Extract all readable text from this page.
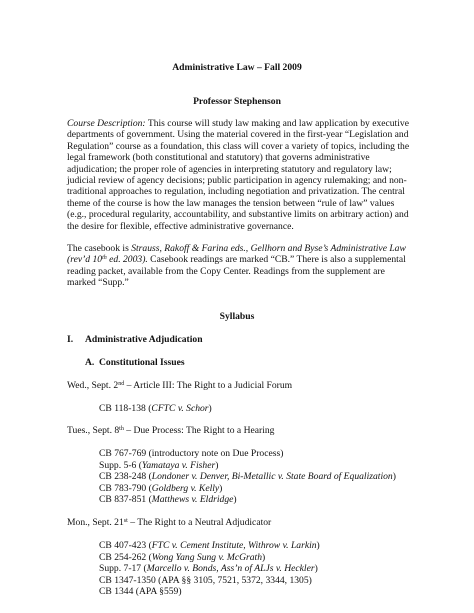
Administrative Law – Fall 2009
Professor Stephenson
Course Description: This course will study law making and law application by executive
departments of government. Using the material covered in the first-year “Legislation and
Regulation” course as a foundation, this class will cover a variety of topics, including the
legal framework (both constitutional and statutory) that governs administrative
adjudication; the proper role of agencies in interpreting statutory and regulatory law;
judicial review of agency decisions; public participation in agency rulemaking; and non-
traditional approaches to regulation, including negotiation and privatization. The central
theme of the course is how the law manages the tension between “rule of law” values
(e.g., procedural regularity, accountability, and substantive limits on arbitrary action) and
the desire for flexible, effective administrative governance.
The casebook is Strauss, Rakoff & Farina eds., Gellhorn and Byse’s Administrative Law
(rev’d 10th ed. 2003). Casebook readings are marked “CB.” There is also a supplemental
reading packet, available from the Copy Center. Readings from the supplement are
marked “Supp.”
Syllabus
I. Administrative Adjudication
A. Constitutional Issues
Wed., Sept. 2nd – Article III: The Right to a Judicial Forum
CB 118-138 (CFTC v. Schor)
Tues., Sept. 8th – Due Process: The Right to a Hearing
CB 767-769 (introductory note on Due Process)
Supp. 5-6 (Yamataya v. Fisher)
CB 238-248 (Londoner v. Denver, Bi-Metallic v. State Board of Equalization)
CB 783-790 (Goldberg v. Kelly)
CB 837-851 (Matthews v. Eldridge)
Mon., Sept. 21st – The Right to a Neutral Adjudicator
CB 407-423 (FTC v. Cement Institute, Withrow v. Larkin)
CB 254-262 (Wong Yang Sung v. McGrath)
Supp. 7-17 (Marcello v. Bonds, Ass’n of ALJs v. Heckler)
CB 1347-1350 (APA §§ 3105, 7521, 5372, 3344, 1305)
CB 1344 (APA §559)
